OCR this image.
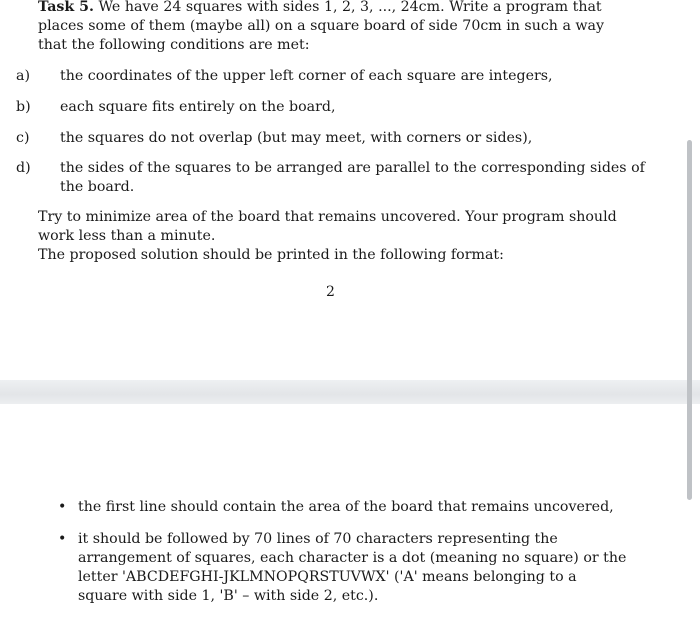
Task 5. We have 24 squares with sides 1, 2, 3, ..., 24cm. Write a program that places some of them (maybe all) on a square board of side 70cm in such a way that the following conditions are met:
a) the coordinates of the upper left corner of each square are integers,
b) each square fits entirely on the board,
c) the squares do not overlap (but may meet, with corners or sides),
d) the sides of the squares to be arranged are parallel to the corresponding sides of the board.
Try to minimize area of the board that remains uncovered. Your program should work less than a minute.
The proposed solution should be printed in the following format:
2
• the first line should contain the area of the board that remains uncovered,
• it should be followed by 70 lines of 70 characters representing the arrangement of squares, each character is a dot (meaning no square) or the letter 'ABCDEFGHI-JKLMNOPQRSTUVWX' ('A' means belonging to a square with side 1, 'B' – with side 2, etc.).
